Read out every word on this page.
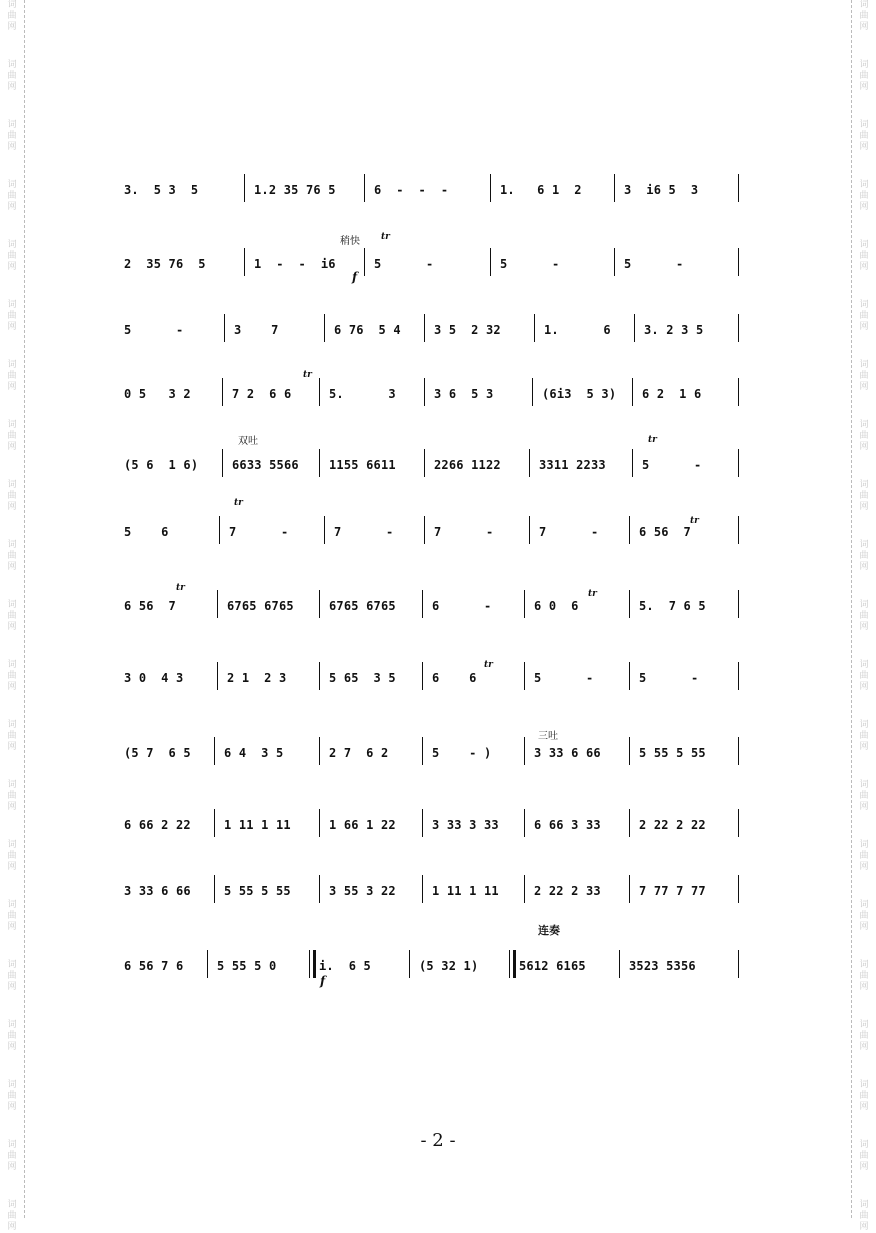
词
曲
网
词
曲
网
词
曲
网
词
曲
网
词
曲
网
词
曲
网
词
曲
网
词
曲
网
词
曲
网
词
曲
网
词
曲
网
词
曲
网
词
曲
网
词
曲
网
词
曲
网
词
曲
网
词
曲
网
词
曲
网
词
曲
网
词
曲
网
词
曲
网
词
曲
网
词
曲
网
词
曲
网
词
曲
网
词
曲
网
词
曲
网
词
曲
网
词
曲
网
词
曲
网
词
曲
网
词
曲
网
词
曲
网
词
曲
网
词
曲
网
词
曲
网
词
曲
网
词
曲
网
词
曲
网
词
曲
网
词
曲
网
词
曲
网
3.  5 3  5	1.2 35 76 5	6  -  -  -	1.   6 1  2	3  i6 5  3
2  35 76  5	1  -  -  i6	5      -	5      -	5      -
5      -	3    7	6 76  5 4	3 5  2 32	1.      6	3. 2 3 5
0 5   3 2	7 2  6 6	5.      3	3 6  5 3	(6i3  5 3) 6 2  1 6
(5 6  1 6)	6633 5566	1155 6611	2266 1122	3311 2233	5      -
5    6	7      -	7      -	7      -	7      -	6 56  7
6 56  7	6765 6765	6765 6765	6      -	6 0  6	5.  7 6 5
3 0  4 3	2 1  2 3	5 65  3 5	6    6	5      -	5      -
(5 7  6 5	6 4  3 5	2 7  6 2	5    - )	3 33 6 66	5 55 5 55
6 66 2 22	1 11 1 11	1 66 1 22	3 33 3 33	6 66 3 33	2 22 2 22
3 33 6 66	5 55 5 55	3 55 3 22	1 11 1 11	2 22 2 33	7 77 7 77
6 56 7 6	5 55 5 0	i.  6 5	(5 32 1)	5612 6165	3523 5356
稍快
f
双吐
三吐
f
连奏
tr
tr
tr
tr
tr
tr
tr
tr
- 2 -
